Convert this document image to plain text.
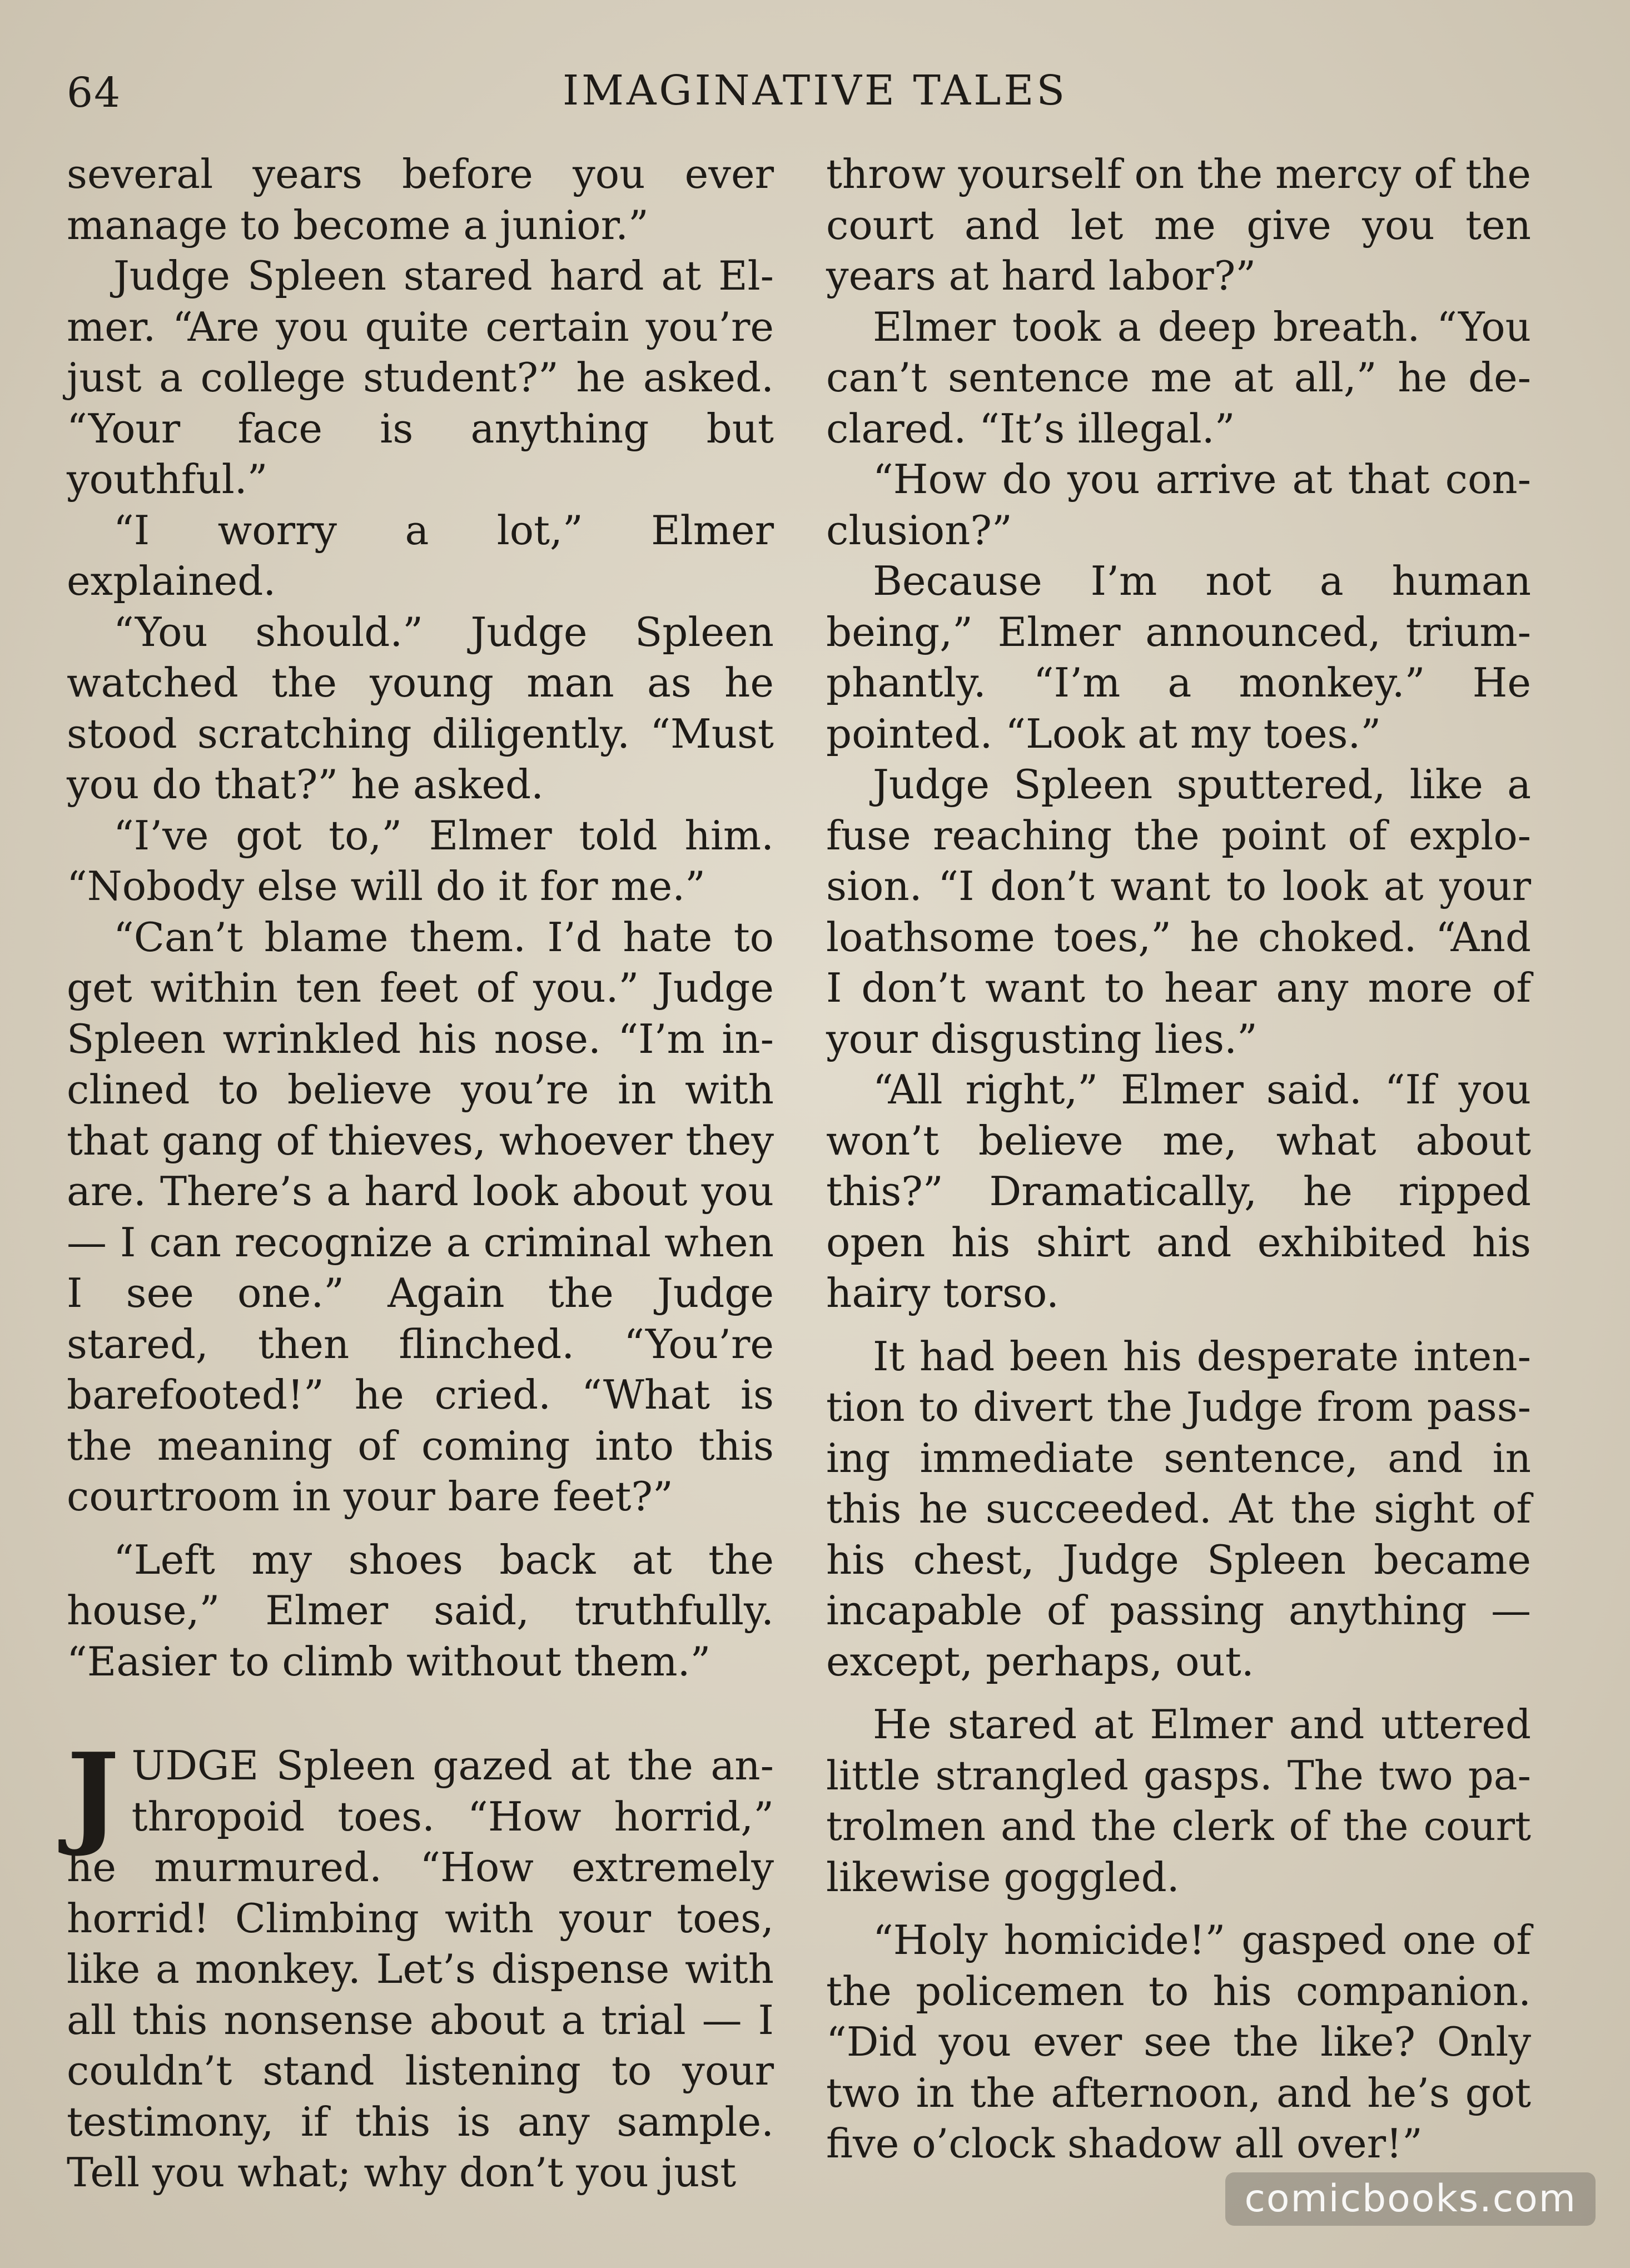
64	IMAGINATIVE TALES

several years before you ever manage to become a junior.”

Judge Spleen stared hard at Elmer. “Are you quite certain you’re just a college student?” he asked. “Your face is anything but youthful.”

“I worry a lot,” Elmer explained.

“You should.” Judge Spleen watched the young man as he stood scratching diligently. “Must you do that?” he asked.

“I’ve got to,” Elmer told him. “Nobody else will do it for me.”

“Can’t blame them. I’d hate to get within ten feet of you.” Judge Spleen wrinkled his nose. “I’m inclined to believe you’re in with that gang of thieves, whoever they are. There’s a hard look about you — I can recognize a criminal when I see one.” Again the Judge stared, then flinched. “You’re barefooted!” he cried. “What is the meaning of coming into this courtroom in your bare feet?”

“Left my shoes back at the house,” Elmer said, truthfully. “Easier to climb without them.”

JUDGE Spleen gazed at the anthropoid toes. “How horrid,” he murmured. “How extremely horrid! Climbing with your toes, like a monkey. Let’s dispense with all this nonsense about a trial — I couldn’t stand listening to your testimony, if this is any sample. Tell you what; why don’t you just

throw yourself on the mercy of the court and let me give you ten years at hard labor?”

Elmer took a deep breath. “You can’t sentence me at all,” he declared. “It’s illegal.”

“How do you arrive at that conclusion?”

Because I’m not a human being,” Elmer announced, triumphantly. “I’m a monkey.” He pointed. “Look at my toes.”

Judge Spleen sputtered, like a fuse reaching the point of explosion. “I don’t want to look at your loathsome toes,” he choked. “And I don’t want to hear any more of your disgusting lies.”

“All right,” Elmer said. “If you won’t believe me, what about this?” Dramatically, he ripped open his shirt and exhibited his hairy torso.

It had been his desperate intention to divert the Judge from passing immediate sentence, and in this he succeeded. At the sight of his chest, Judge Spleen became incapable of passing anything — except, perhaps, out.

He stared at Elmer and uttered little strangled gasps. The two patrolmen and the clerk of the court likewise goggled.

“Holy homicide!” gasped one of the policemen to his companion. “Did you ever see the like? Only two in the afternoon, and he’s got five o’clock shadow all over!”

comicbooks.com
